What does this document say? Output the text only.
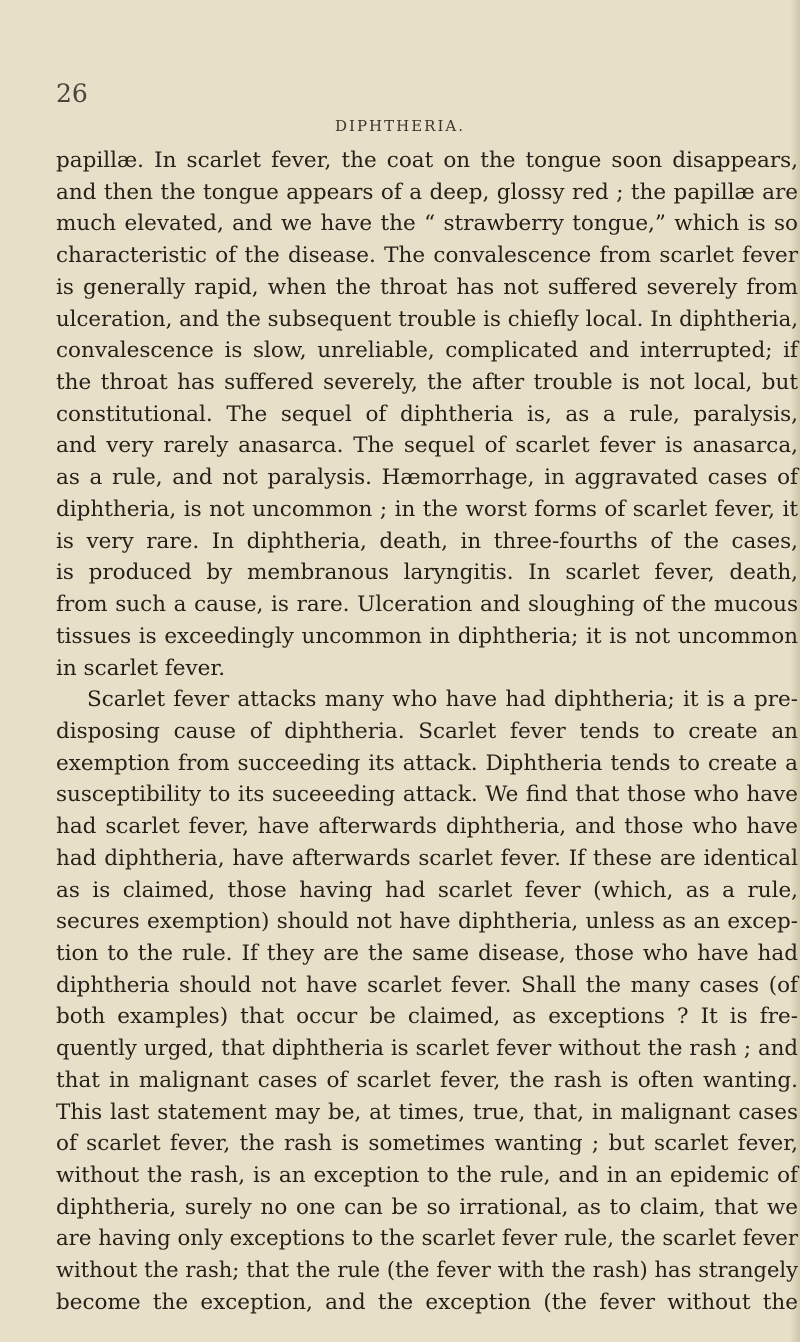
26

DIPHTHERIA.

papillæ. In scarlet fever, the coat on the tongue soon disappears,

and then the tongue appears of a deep, glossy red ; the papillæ are

much elevated, and we have the “ strawberry tongue,” which is so

characteristic of the disease. The convalescence from scarlet fever

is generally rapid, when the throat has not suffered severely from

ulceration, and the subsequent trouble is chiefly local. In diphtheria,

convalescence is slow, unreliable, complicated and interrupted; if

the throat has suffered severely, the after trouble is not local, but

constitutional. The sequel of diphtheria is, as a rule, paralysis,

and very rarely anasarca. The sequel of scarlet fever is anasarca,

as a rule, and not paralysis. Hæmorrhage, in aggravated cases of

diphtheria, is not uncommon ; in the worst forms of scarlet fever, it

is very rare. In diphtheria, death, in three-fourths of the cases,

is produced by membranous laryngitis. In scarlet fever, death,

from such a cause, is rare. Ulceration and sloughing of the mucous

tissues is exceedingly uncommon in diphtheria; it is not uncommon

in scarlet fever.

Scarlet fever attacks many who have had diphtheria; it is a pre-

disposing cause of diphtheria. Scarlet fever tends to create an

exemption from succeeding its attack. Diphtheria tends to create a

susceptibility to its suceeeding attack. We find that those who have

had scarlet fever, have afterwards diphtheria, and those who have

had diphtheria, have afterwards scarlet fever. If these are identical

as is claimed, those having had scarlet fever (which, as a rule,

secures exemption) should not have diphtheria, unless as an excep-

tion to the rule. If they are the same disease, those who have had

diphtheria should not have scarlet fever. Shall the many cases (of

both examples) that occur be claimed, as exceptions ? It is fre-

quently urged, that diphtheria is scarlet fever without the rash ; and

that in malignant cases of scarlet fever, the rash is often wanting.

This last statement may be, at times, true, that, in malignant cases

of scarlet fever, the rash is sometimes wanting ; but scarlet fever,

without the rash, is an exception to the rule, and in an epidemic of

diphtheria, surely no one can be so irrational, as to claim, that we

are having only exceptions to the scarlet fever rule, the scarlet fever

without the rash; that the rule (the fever with the rash) has strangely

become the exception, and the exception (the fever without the
